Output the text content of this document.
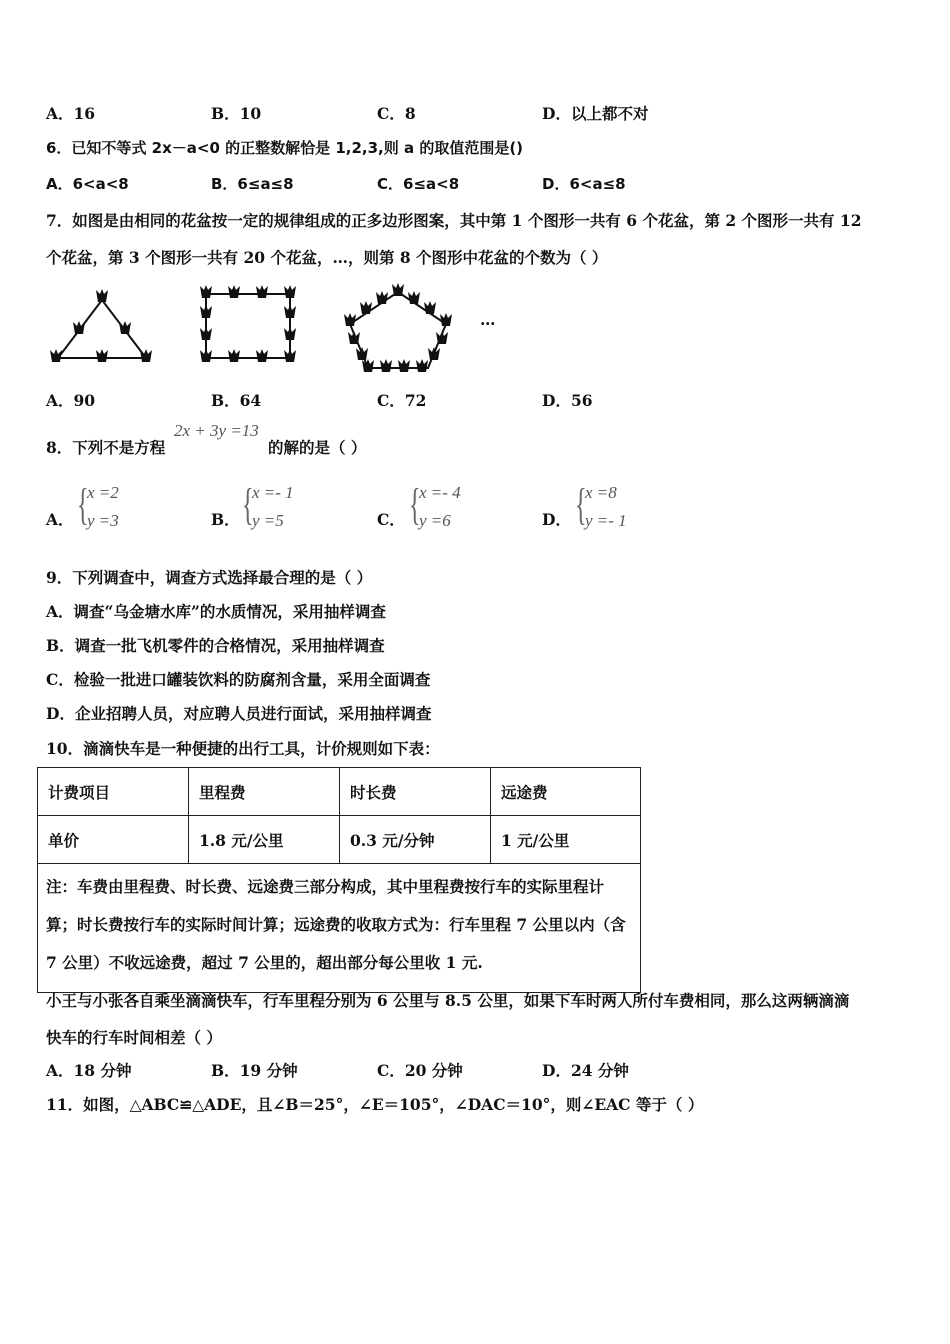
A．16	B．10	C．8	D．以上都不对
6．已知不等式 2x－a<0 的正整数解恰是 1,2,3,则 a 的取值范围是()
A．6<a<8	B．6≤a≤8	C．6≤a<8	D．6<a≤8
7．如图是由相同的花盆按一定的规律组成的正多边形图案，其中第 1 个图形一共有 6 个花盆，第 2 个图形一共有 12
个花盆，第 3 个图形一共有 20 个花盆，…，则第 8 个图形中花盆的个数为（ ）
…
A．90	B．64	C．72	D．56
8．下列不是方程
2x + 3y =13
的解的是（ ）
A． {
x =2
y =3	B． {
x =- 1
y =5	C． {
x =- 4
y =6	D． {
x =8
y =- 1
9．下列调查中，调查方式选择最合理的是（ ）
A．调查“乌金塘水库”的水质情况，采用抽样调查
B．调查一批飞机零件的合格情况，采用抽样调查
C．检验一批进口罐装饮料的防腐剂含量，采用全面调查
D．企业招聘人员，对应聘人员进行面试，采用抽样调查
10．滴滴快车是一种便捷的出行工具，计价规则如下表：
计费项目	里程费	时长费	远途费
单价	1.8 元/公里	0.3 元/分钟	1 元/公里
注：车费由里程费、时长费、远途费三部分构成，其中里程费按行车的实际里程计算；时长费按行车的实际时间计算；远途费的收取方式为：行车里程 7 公里以内（含 7 公里）不收远途费，超过 7 公里的，超出部分每公里收 1 元.			
小王与小张各自乘坐滴滴快车，行车里程分别为 6 公里与 8.5 公里，如果下车时两人所付车费相同，那么这两辆滴滴
快车的行车时间相差（ ）
A．18 分钟	B．19 分钟	C．20 分钟	D．24 分钟
11．如图，△ABC≌△ADE，且∠B＝25°，∠E＝105°，∠DAC＝10°，则∠EAC 等于（ ）
